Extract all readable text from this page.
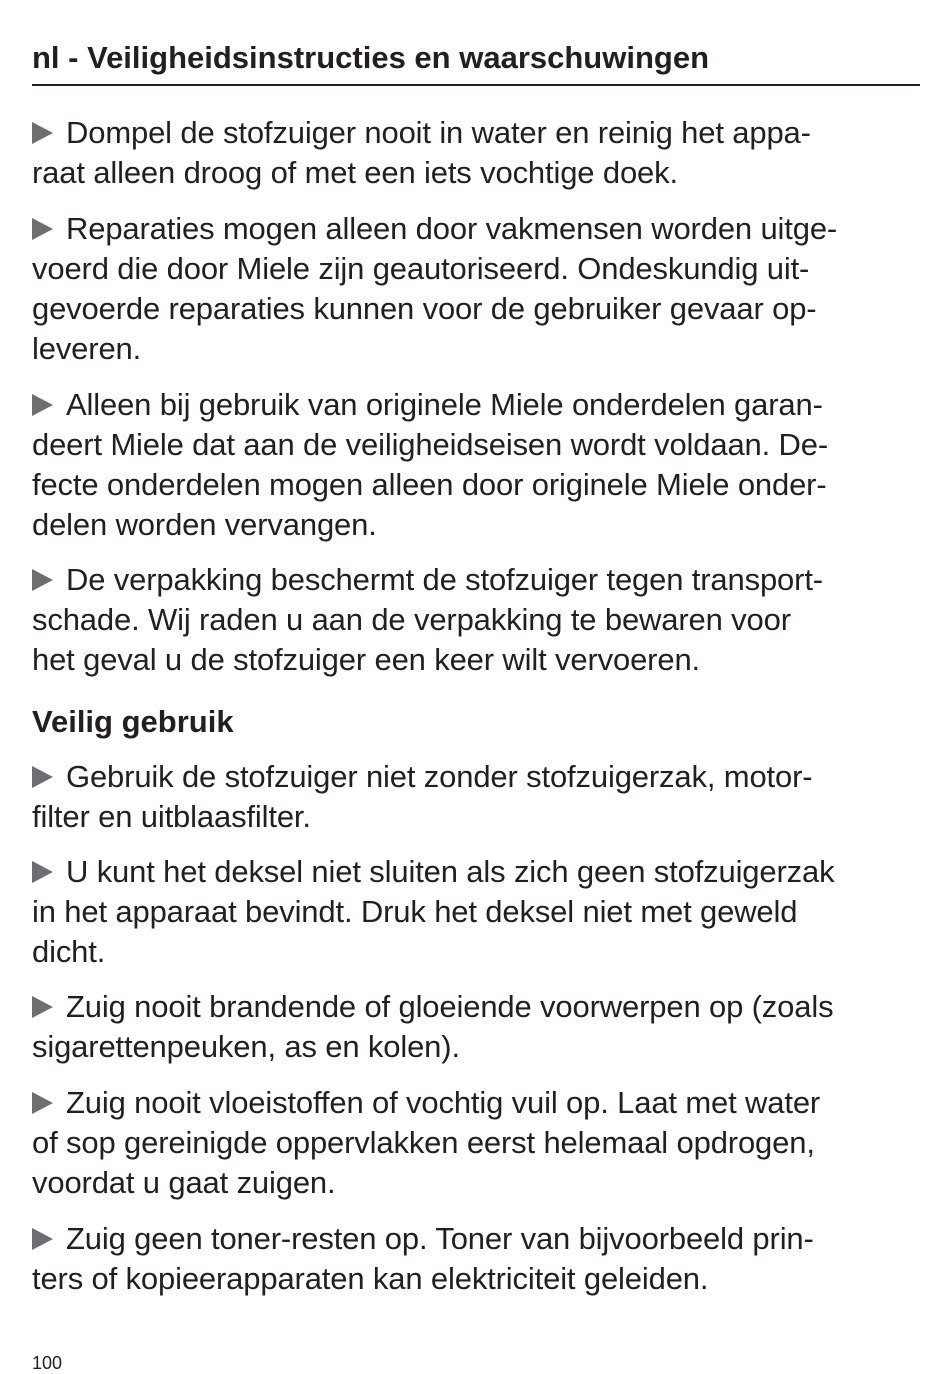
nl - Veiligheidsinstructies en waarschuwingen

Dompel de stofzuiger nooit in water en reinig het appa-
raat alleen droog of met een iets vochtige doek.

Reparaties mogen alleen door vakmensen worden uitge-
voerd die door Miele zijn geautoriseerd. Ondeskundig uit-
gevoerde reparaties kunnen voor de gebruiker gevaar op-
leveren.

Alleen bij gebruik van originele Miele onderdelen garan-
deert Miele dat aan de veiligheidseisen wordt voldaan. De-
fecte onderdelen mogen alleen door originele Miele onder-
delen worden vervangen.

De verpakking beschermt de stofzuiger tegen transport-
schade. Wij raden u aan de verpakking te bewaren voor
het geval u de stofzuiger een keer wilt vervoeren.

Veilig gebruik

Gebruik de stofzuiger niet zonder stofzuigerzak, motor-
filter en uitblaasfilter.

U kunt het deksel niet sluiten als zich geen stofzuigerzak
in het apparaat bevindt. Druk het deksel niet met geweld
dicht.

Zuig nooit brandende of gloeiende voorwerpen op (zoals
sigarettenpeuken, as en kolen).

Zuig nooit vloeistoffen of vochtig vuil op. Laat met water
of sop gereinigde oppervlakken eerst helemaal opdrogen,
voordat u gaat zuigen.

Zuig geen toner-resten op. Toner van bijvoorbeeld prin-
ters of kopieerapparaten kan elektriciteit geleiden.

100
